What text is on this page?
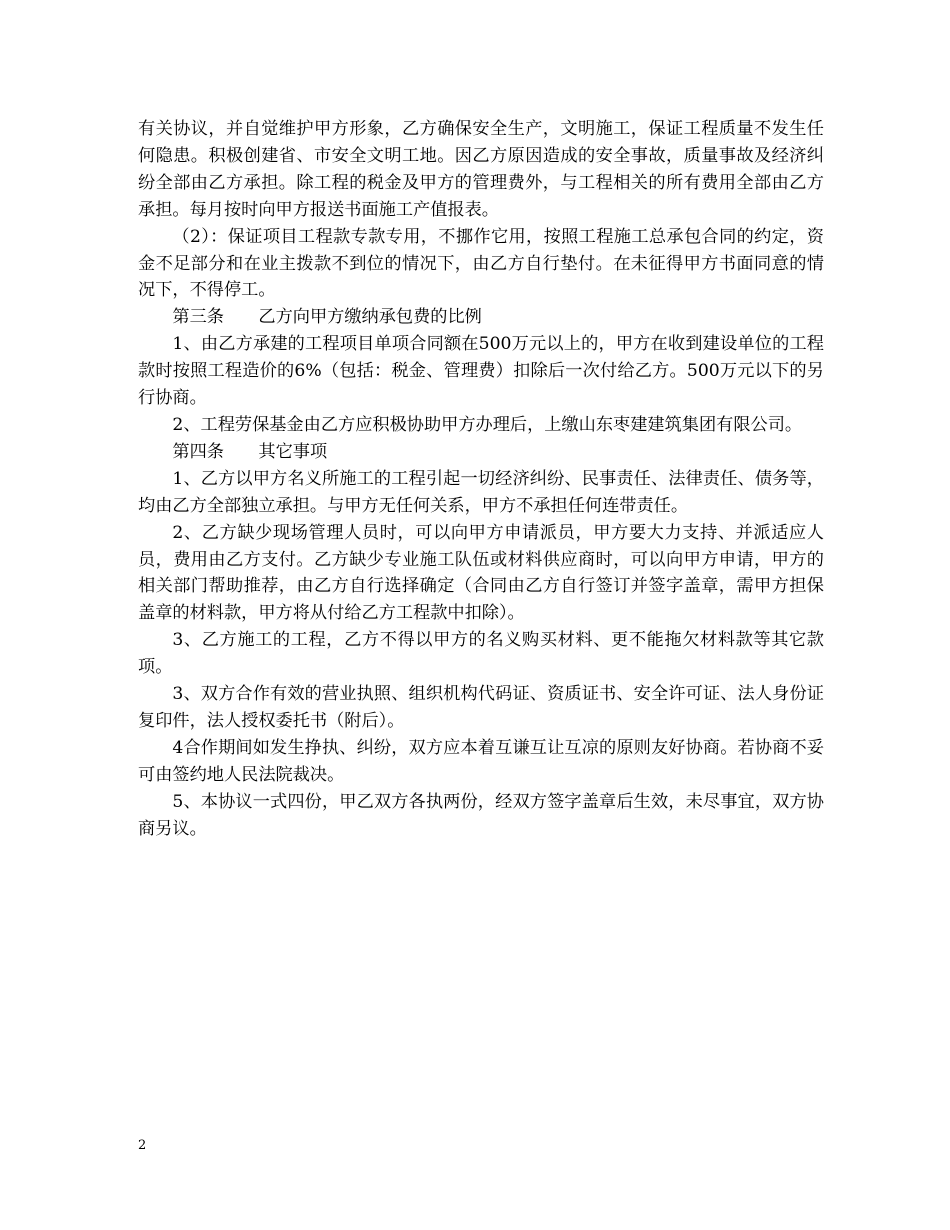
有关协议，并自觉维护甲方形象，乙方确保安全生产，文明施工，保证工程质量不发生任何隐患。积极创建省、市安全文明工地。因乙方原因造成的安全事故，质量事故及经济纠纷全部由乙方承担。除工程的税金及甲方的管理费外，与工程相关的所有费用全部由乙方承担。每月按时向甲方报送书面施工产值报表。

（2）：保证项目工程款专款专用，不挪作它用，按照工程施工总承包合同的约定，资金不足部分和在业主拨款不到位的情况下，由乙方自行垫付。在未征得甲方书面同意的情况下，不得停工。

第三条 乙方向甲方缴纳承包费的比例

1、由乙方承建的工程项目单项合同额在500万元以上的，甲方在收到建设单位的工程款时按照工程造价的6%（包括：税金、管理费）扣除后一次付给乙方。500万元以下的另行协商。

2、工程劳保基金由乙方应积极协助甲方办理后，上缴山东枣建建筑集团有限公司。

第四条 其它事项

1、乙方以甲方名义所施工的工程引起一切经济纠纷、民事责任、法律责任、债务等，均由乙方全部独立承担。与甲方无任何关系，甲方不承担任何连带责任。

2、乙方缺少现场管理人员时，可以向甲方申请派员，甲方要大力支持、并派适应人员，费用由乙方支付。乙方缺少专业施工队伍或材料供应商时，可以向甲方申请，甲方的相关部门帮助推荐，由乙方自行选择确定（合同由乙方自行签订并签字盖章，需甲方担保盖章的材料款，甲方将从付给乙方工程款中扣除）。

3、乙方施工的工程，乙方不得以甲方的名义购买材料、更不能拖欠材料款等其它款项。

3、双方合作有效的营业执照、组织机构代码证、资质证书、安全许可证、法人身份证复印件，法人授权委托书（附后）。

4合作期间如发生挣执、纠纷，双方应本着互谦互让互凉的原则友好协商。若协商不妥可由签约地人民法院裁决。

5、本协议一式四份，甲乙双方各执两份，经双方签字盖章后生效，未尽事宜，双方协商另议。

2
